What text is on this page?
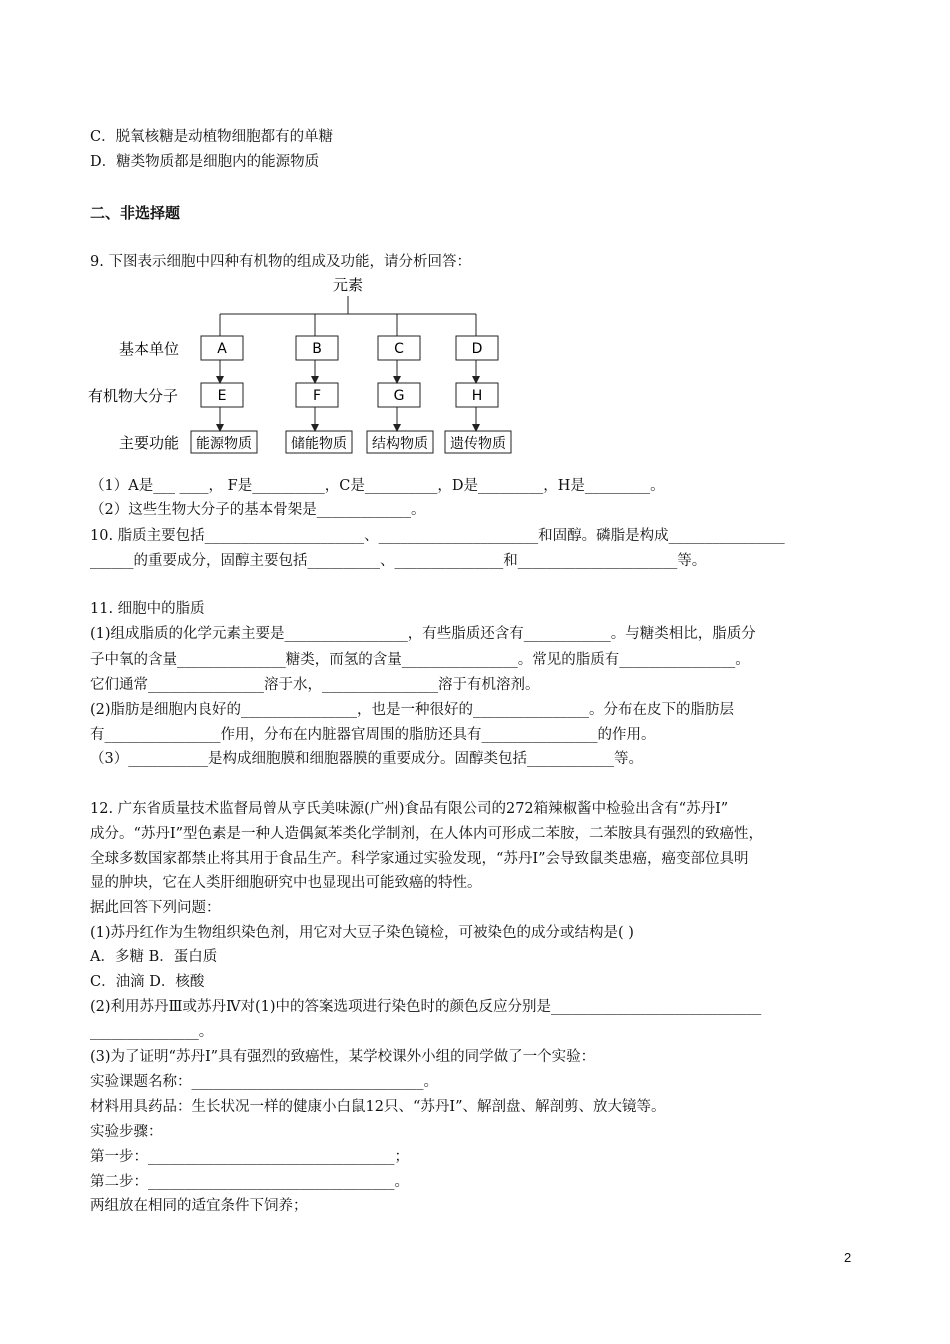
C．脱氧核糖是动植物细胞都有的单糖
D．糖类物质都是细胞内的能源物质
二、非选择题
9. 下图表示细胞中四种有机物的组成及功能，请分析回答：
元素
基本单位
有机物大分子
主要功能
A	B	C	D
E	F	G	H
能源物质	储能物质 结构物质 遗传物质
（1）A是___ ____， F是__________，C是__________，D是_________，H是_________。
（2）这些生物大分子的基本骨架是_____________。
10. 脂质主要包括______________________、______________________和固醇。磷脂是构成________________
______的重要成分，固醇主要包括__________、_______________和______________________等。
11. 细胞中的脂质
(1)组成脂质的化学元素主要是_________________，有些脂质还含有____________。与糖类相比，脂质分
子中氧的含量_______________糖类，而氢的含量________________。常见的脂质有________________。
它们通常________________溶于水，________________溶于有机溶剂。
(2)脂肪是细胞内良好的________________，也是一种很好的________________。分布在皮下的脂肪层
有________________作用，分布在内脏器官周围的脂肪还具有________________的作用。
（3）___________是构成细胞膜和细胞器膜的重要成分。固醇类包括____________等。
12. 广东省质量技术监督局曾从亨氏美味源(广州)食品有限公司的272箱辣椒酱中检验出含有“苏丹Ⅰ”
成分。“苏丹Ⅰ”型色素是一种人造偶氮苯类化学制剂，在人体内可形成二苯胺，二苯胺具有强烈的致癌性，
全球多数国家都禁止将其用于食品生产。科学家通过实验发现，“苏丹Ⅰ”会导致鼠类患癌，癌变部位具明
显的肿块，它在人类肝细胞研究中也显现出可能致癌的特性。
据此回答下列问题：
(1)苏丹红作为生物组织染色剂，用它对大豆子染色镜检，可被染色的成分或结构是( )
A．多糖 B．蛋白质
C．油滴 D．核酸
(2)利用苏丹Ⅲ或苏丹Ⅳ对(1)中的答案选项进行染色时的颜色反应分别是_____________________________
_______________。
(3)为了证明“苏丹Ⅰ”具有强烈的致癌性，某学校课外小组的同学做了一个实验：
实验课题名称：________________________________。
材料用具药品：生长状况一样的健康小白鼠12只、“苏丹Ⅰ”、解剖盘、解剖剪、放大镜等。
实验步骤：
第一步：__________________________________；
第二步：__________________________________。
两组放在相同的适宜条件下饲养；
2
